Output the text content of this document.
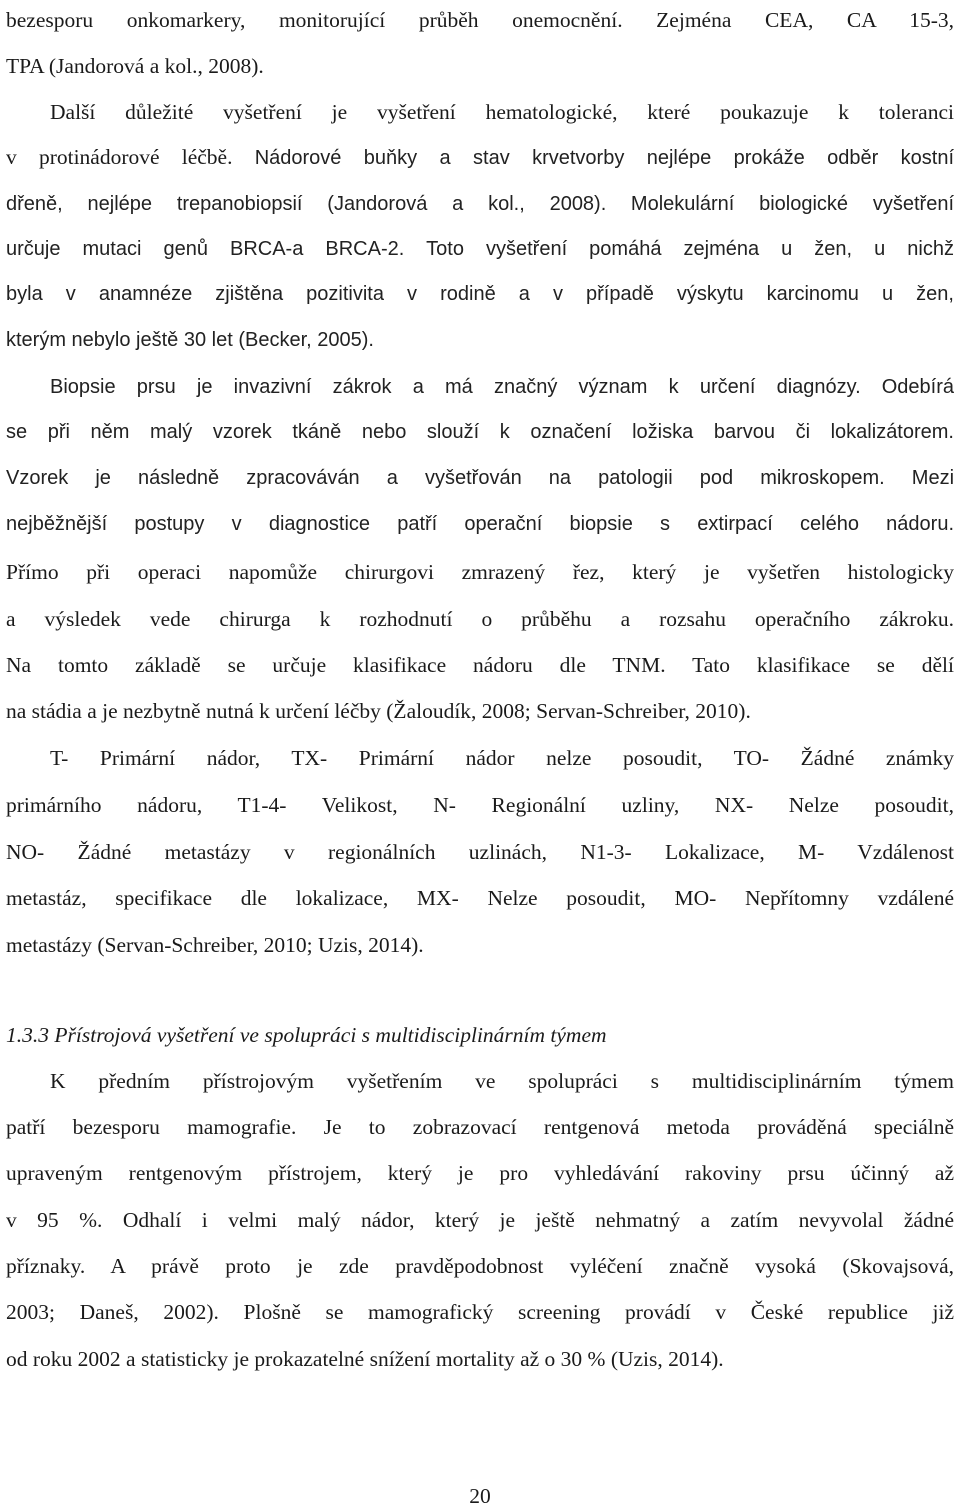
bezesporu onkomarkery, monitorující průběh onemocnění. Zejména CEA, CA 15-3,
TPA (Jandorová a kol., 2008).
Další důležité vyšetření je vyšetření hematologické, které poukazuje k toleranci
v protinádorové léčbě. Nádorové buňky a stav krvetvorby nejlépe prokáže odběr kostní
dřeně, nejlépe trepanobiopsií (Jandorová a kol., 2008). Molekulární biologické vyšetření
určuje mutaci genů BRCA-a BRCA-2. Toto vyšetření pomáhá zejména u žen, u nichž
byla v anamnéze zjištěna pozitivita v rodině a v případě výskytu karcinomu u žen,
kterým nebylo ještě 30 let (Becker, 2005).
Biopsie prsu je invazivní zákrok a má značný význam k určení diagnózy. Odebírá
se při něm malý vzorek tkáně nebo slouží k označení ložiska barvou či lokalizátorem.
Vzorek je následně zpracováván a vyšetřován na patologii pod mikroskopem. Mezi
nejběžnější postupy v diagnostice patří operační biopsie s extirpací celého nádoru.
Přímo při operaci napomůže chirurgovi zmrazený řez, který je vyšetřen histologicky
a výsledek vede chirurga k rozhodnutí o průběhu a rozsahu operačního zákroku.
Na tomto základě se určuje klasifikace nádoru dle TNM. Tato klasifikace se dělí
na stádia a je nezbytně nutná k určení léčby (Žaloudík, 2008; Servan-Schreiber, 2010).
T- Primární nádor, TX- Primární nádor nelze posoudit, TO- Žádné známky
primárního nádoru, T1-4- Velikost, N- Regionální uzliny, NX- Nelze posoudit,
NO- Žádné metastázy v regionálních uzlinách, N1-3- Lokalizace, M- Vzdálenost
metastáz, specifikace dle lokalizace, MX- Nelze posoudit, MO- Nepřítomny vzdálené
metastázy (Servan-Schreiber, 2010; Uzis, 2014).
1.3.3 Přístrojová vyšetření ve spolupráci s multidisciplinárním týmem
K předním přístrojovým vyšetřením ve spolupráci s multidisciplinárním týmem
patří bezesporu mamografie. Je to zobrazovací rentgenová metoda prováděná speciálně
upraveným rentgenovým přístrojem, který je pro vyhledávání rakoviny prsu účinný až
v 95 %. Odhalí i velmi malý nádor, který je ještě nehmatný a zatím nevyvolal žádné
příznaky. A právě proto je zde pravděpodobnost vyléčení značně vysoká (Skovajsová,
2003; Daneš, 2002). Plošně se mamografický screening provádí v České republice již
od roku 2002 a statisticky je prokazatelné snížení mortality až o 30 % (Uzis, 2014).
20
